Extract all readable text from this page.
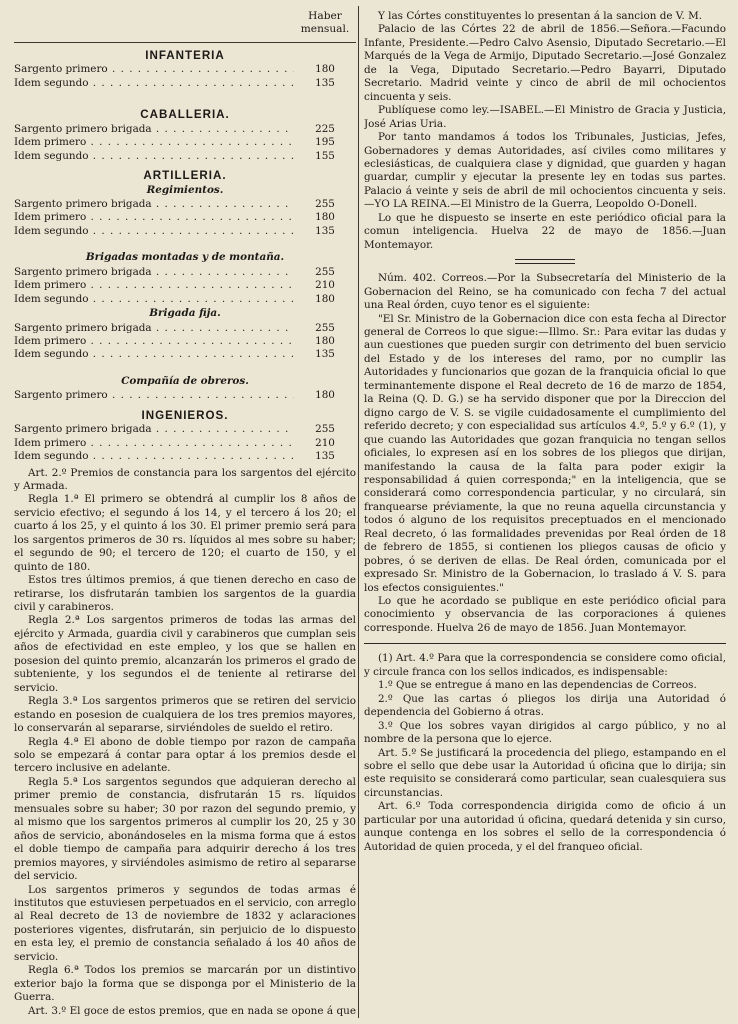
Haber mensual.
INFANTERIA
Sargento primero . . .	180
Idem segundo . . .	135
CABALLERIA.
Sargento primero brigada . . .	225
Idem primero . . .	195
Idem segundo . . .	155
ARTILLERIA.
Regimientos.
Sargento primero brigada . . .	255
Idem primero . . .	180
Idem segundo . . .	135
Brigadas montadas y de montaña.
Sargento primero brigada . . .	255
Idem primero . . .	210
Idem segundo . . .	180
Brigada fija.
Sargento primero brigada . . .	255
Idem primero . . .	180
Idem segundo . . .	135
Compañía de obreros.
Sargento primero . . .	180
INGENIEROS.
Sargento primero brigada . . .	255
Idem primero . . .	210
Idem segundo . . .	135

Art. 2.º Premios de constancia para los sargentos del ejército y Armada.

Regla 1.ª El primero se obtendrá al cumplir los 8 años de servicio efectivo; el segundo á los 14, y el tercero á los 20; el cuarto á los 25, y el quinto á los 30. El primer premio será para los sargentos primeros de 30 rs. líquidos al mes sobre su haber; el segundo de 90; el tercero de 120; el cuarto de 150, y el quinto de 180.

Estos tres últimos premios, á que tienen derecho en caso de retirarse, los disfrutarán tambien los sargentos de la guardia civil y carabineros.

Regla 2.ª Los sargentos primeros de todas las armas del ejército y Armada, guardia civil y carabineros que cumplan seis años de efectividad en este empleo, y los que se hallen en posesion del quinto premio, alcanzarán los primeros el grado de subteniente, y los segundos el de teniente al retirarse del servicio.

Regla 3.ª Los sargentos primeros que se retiren del servicio estando en posesion de cualquiera de los tres premios mayores, lo conservarán al separarse, sirviéndoles de sueldo el retiro.

Regla 4.ª El abono de doble tiempo por razon de campaña solo se empezará á contar para optar á los premios desde el tercero inclusive en adelante.

Regla 5.ª Los sargentos segundos que adquieran derecho al primer premio de constancia, disfrutarán 15 rs. líquidos mensuales sobre su haber; 30 por razon del segundo premio, y al mismo que los sargentos primeros al cumplir los 20, 25 y 30 años de servicio, abonándoseles en la misma forma que á estos el doble tiempo de campaña para adquirir derecho á los tres premios mayores, y sirviéndoles asimismo de retiro al separarse del servicio.

Los sargentos primeros y segundos de todas armas é institutos que estuviesen perpetuados en el servicio, con arreglo al Real decreto de 13 de noviembre de 1832 y aclaraciones posteriores vigentes, disfrutarán, sin perjuicio de lo dispuesto en esta ley, el premio de constancia señalado á los 40 años de servicio.

Regla 6.ª Todos los premios se marcarán por un distintivo exterior bajo la forma que se disponga por el Ministerio de la Guerra.

Art. 3.º El goce de estos premios, que en nada se opone á que

Y las Córtes constituyentes lo presentan á la sancion de V. M.

Palacio de las Córtes 22 de abril de 1856.—Señora.—Facundo Infante, Presidente.—Pedro Calvo Asensio, Diputado Secretario.—El Marqués de la Vega de Armijo, Diputado Secretario.—José Gonzalez de la Vega, Diputado Secretario.—Pedro Bayarri, Diputado Secretario. Madrid veinte y cinco de abril de mil ochocientos cincuenta y seis.

Publíquese como ley.—ISABEL.—El Ministro de Gracia y Justicia, José Arias Uria.

Por tanto mandamos á todos los Tribunales, Justicias, Jefes, Gobernadores y demas Autoridades, así civiles como militares y eclesiásticas, de cualquiera clase y dignidad, que guarden y hagan guardar, cumplir y ejecutar la presente ley en todas sus partes. Palacio á veinte y seis de abril de mil ochocientos cincuenta y seis.—YO LA REINA.—El Ministro de la Guerra, Leopoldo O-Donell.

Lo que he dispuesto se inserte en este periódico oficial para la comun inteligencia. Huelva 22 de mayo de 1856.—Juan Montemayor.

Núm. 402. Correos.—Por la Subsecretaría del Ministerio de la Gobernacion del Reino, se ha comunicado con fecha 7 del actual una Real órden, cuyo tenor es el siguiente:

"El Sr. Ministro de la Gobernacion dice con esta fecha al Director general de Correos lo que sigue:—Illmo. Sr.: Para evitar las dudas y aun cuestiones que pueden surgir con detrimento del buen servicio del Estado y de los intereses del ramo, por no cumplir las Autoridades y funcionarios que gozan de la franquicia oficial lo que terminantemente dispone el Real decreto de 16 de marzo de 1854, la Reina (Q. D. G.) se ha servido disponer que por la Direccion del digno cargo de V. S. se vigile cuidadosamente el cumplimiento del referido decreto; y con especialidad sus artículos 4.º, 5.º y 6.º (1), y que cuando las Autoridades que gozan franquicia no tengan sellos oficiales, lo expresen así en los sobres de los pliegos que dirijan, manifestando la causa de la falta para poder exigir la responsabilidad á quien corresponda;" en la inteligencia, que se considerará como correspondencia particular, y no circulará, sin franquearse préviamente, la que no reuna aquella circunstancia y todos ó alguno de los requisitos preceptuados en el mencionado Real decreto, ó las formalidades prevenidas por Real órden de 18 de febrero de 1855, si contienen los pliegos causas de oficio y pobres, ó se deriven de ellas. De Real órden, comunicada por el expresado Sr. Ministro de la Gobernacion, lo traslado á V. S. para los efectos consiguientes."

Lo que he acordado se publique en este periódico oficial para conocimiento y observancia de las corporaciones á quienes corresponde. Huelva 26 de mayo de 1856. Juan Montemayor.

(1) Art. 4.º Para que la correspondencia se considere como oficial, y circule franca con los sellos indicados, es indispensable:

1.º Que se entregue á mano en las dependencias de Correos.

2.º Que las cartas ó pliegos los dirija una Autoridad ó dependencia del Gobierno á otras.

3.º Que los sobres vayan dirigidos al cargo público, y no al nombre de la persona que lo ejerce.

Art. 5.º Se justificará la procedencia del pliego, estampando en el sobre el sello que debe usar la Autoridad ú oficina que lo dirija; sin este requisito se considerará como particular, sean cualesquiera sus circunstancias.

Art. 6.º Toda correspondencia dirigida como de oficio á un particular por una autoridad ú oficina, quedará detenida y sin curso, aunque contenga en los sobres el sello de la correspondencia ó Autoridad de quien proceda, y el del franqueo oficial.
